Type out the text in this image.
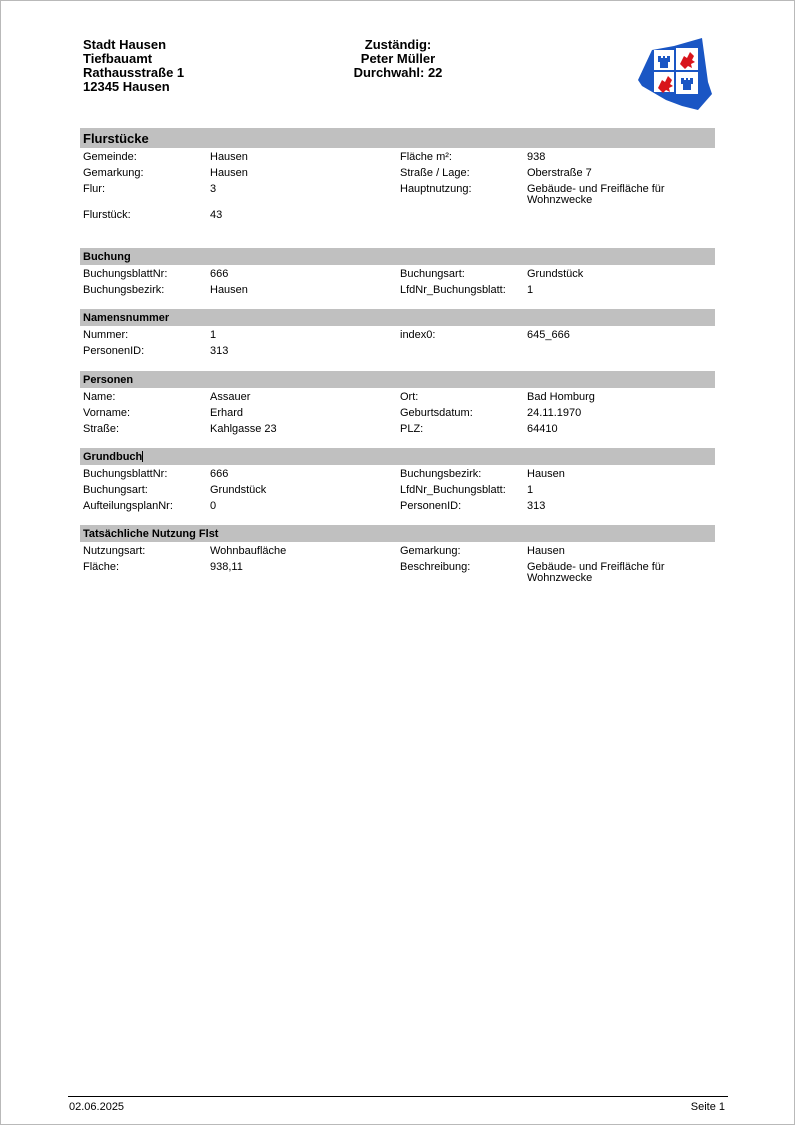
Stadt Hausen
Tiefbauamt
Rathausstraße 1
12345 Hausen
Zuständig:
Peter Müller
Durchwahl: 22
Flurstücke
Gemeinde:	Hausen	Fläche m²:	938
Gemarkung:	Hausen	Straße / Lage:	Oberstraße 7
Flur:	3	Hauptnutzung:	Gebäude- und Freifläche für Wohnzwecke
Flurstück:	43
Buchung
BuchungsblattNr:	666	Buchungsart:	Grundstück
Buchungsbezirk:	Hausen	LfdNr_Buchungsblatt:	1
Namensnummer
Nummer:	1	index0:	645_666
PersonenID:	313
Personen
Name:	Assauer	Ort:	Bad Homburg
Vorname:	Erhard	Geburtsdatum:	24.11.1970
Straße:	Kahlgasse 23	PLZ:	64410
Grundbuch
BuchungsblattNr:	666	Buchungsbezirk:	Hausen
Buchungsart:	Grundstück	LfdNr_Buchungsblatt:	1
AufteilungsplanNr:	0	PersonenID:	313
Tatsächliche Nutzung Flst
Nutzungsart:	Wohnbaufläche	Gemarkung:	Hausen
Fläche:	938,11	Beschreibung:	Gebäude- und Freifläche für Wohnzwecke
02.06.2025	Seite 1
